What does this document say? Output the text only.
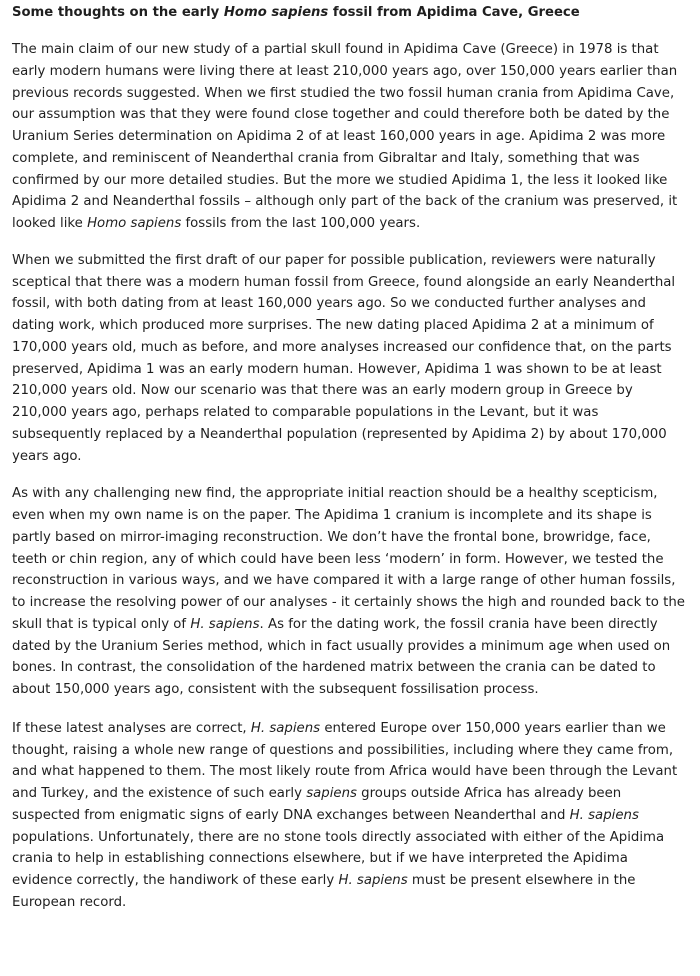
Some thoughts on the early Homo sapiens fossil from Apidima Cave, Greece

The main claim of our new study of a partial skull found in Apidima Cave (Greece) in 1978 is that
early modern humans were living there at least 210,000 years ago, over 150,000 years earlier than
previous records suggested. When we first studied the two fossil human crania from Apidima Cave,
our assumption was that they were found close together and could therefore both be dated by the
Uranium Series determination on Apidima 2 of at least 160,000 years in age. Apidima 2 was more
complete, and reminiscent of Neanderthal crania from Gibraltar and Italy, something that was
confirmed by our more detailed studies. But the more we studied Apidima 1, the less it looked like
Apidima 2 and Neanderthal fossils – although only part of the back of the cranium was preserved, it
looked like Homo sapiens fossils from the last 100,000 years.

When we submitted the first draft of our paper for possible publication, reviewers were naturally
sceptical that there was a modern human fossil from Greece, found alongside an early Neanderthal
fossil, with both dating from at least 160,000 years ago. So we conducted further analyses and
dating work, which produced more surprises. The new dating placed Apidima 2 at a minimum of
170,000 years old, much as before, and more analyses increased our confidence that, on the parts
preserved, Apidima 1 was an early modern human. However, Apidima 1 was shown to be at least
210,000 years old. Now our scenario was that there was an early modern group in Greece by
210,000 years ago, perhaps related to comparable populations in the Levant, but it was
subsequently replaced by a Neanderthal population (represented by Apidima 2) by about 170,000
years ago.

As with any challenging new find, the appropriate initial reaction should be a healthy scepticism,
even when my own name is on the paper. The Apidima 1 cranium is incomplete and its shape is
partly based on mirror-imaging reconstruction. We don’t have the frontal bone, browridge, face,
teeth or chin region, any of which could have been less ‘modern’ in form. However, we tested the
reconstruction in various ways, and we have compared it with a large range of other human fossils,
to increase the resolving power of our analyses - it certainly shows the high and rounded back to the
skull that is typical only of H. sapiens. As for the dating work, the fossil crania have been directly
dated by the Uranium Series method, which in fact usually provides a minimum age when used on
bones. In contrast, the consolidation of the hardened matrix between the crania can be dated to
about 150,000 years ago, consistent with the subsequent fossilisation process.

If these latest analyses are correct, H. sapiens entered Europe over 150,000 years earlier than we
thought, raising a whole new range of questions and possibilities, including where they came from,
and what happened to them. The most likely route from Africa would have been through the Levant
and Turkey, and the existence of such early sapiens groups outside Africa has already been
suspected from enigmatic signs of early DNA exchanges between Neanderthal and H. sapiens
populations. Unfortunately, there are no stone tools directly associated with either of the Apidima
crania to help in establishing connections elsewhere, but if we have interpreted the Apidima
evidence correctly, the handiwork of these early H. sapiens must be present elsewhere in the
European record.
